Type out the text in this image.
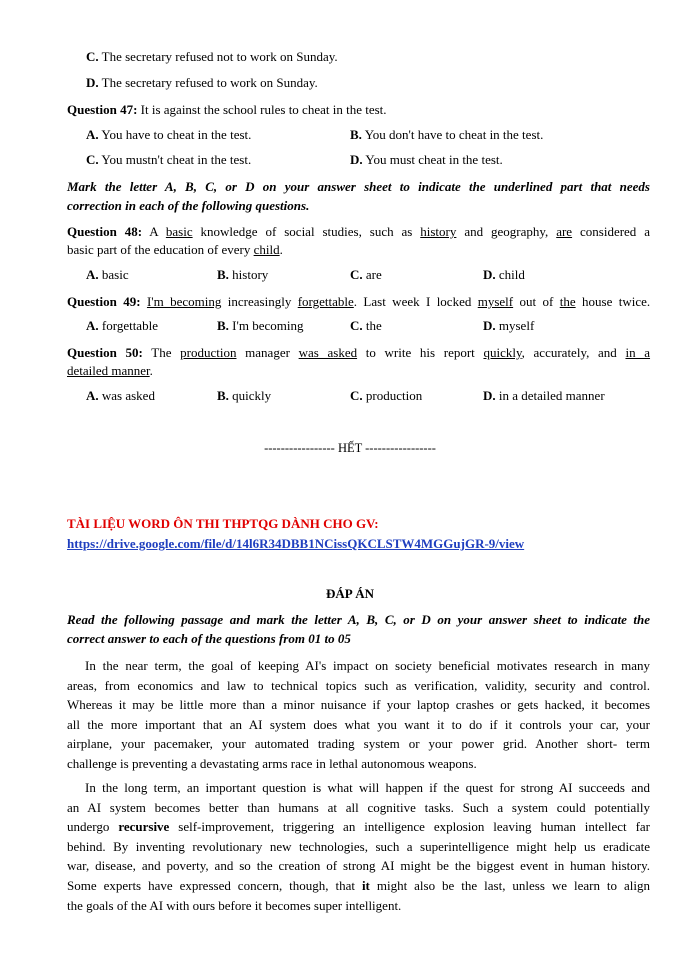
C. The secretary refused not to work on Sunday.
D. The secretary refused to work on Sunday.
Question 47: It is against the school rules to cheat in the test.
A. You have to cheat in the test.	B. You don't have to cheat in the test.
C. You mustn't cheat in the test.	D. You must cheat in the test.
Mark the letter A, B, C, or D on your answer sheet to indicate the underlined part that needs
correction in each of the following questions.
Question 48: A basic knowledge of social studies, such as history and geography, are considered a
basic part of the education of every child.
A. basic	B. history	C. are	D. child
Question 49: I'm becoming increasingly forgettable. Last week I locked myself out of the house twice.
A. forgettable	B. I'm becoming	C. the	D. myself
Question 50: The production manager was asked to write his report quickly, accurately, and in a
detailed manner.
A. was asked	B. quickly	C. production	D. in a detailed manner
----------------- HẾT -----------------
TÀI LIỆU WORD ÔN THI THPTQG DÀNH CHO GV:
https://drive.google.com/file/d/14l6R34DBB1NCissQKCLSTW4MGGujGR-9/view
ĐÁP ÁN
Read the following passage and mark the letter A, B, C, or D on your answer sheet to indicate the
correct answer to each of the questions from 01 to 05
In the near term, the goal of keeping AI's impact on society beneficial motivates research in many
areas, from economics and law to technical topics such as verification, validity, security and control.
Whereas it may be little more than a minor nuisance if your laptop crashes or gets hacked, it becomes
all the more important that an AI system does what you want it to do if it controls your car, your
airplane, your pacemaker, your automated trading system or your power grid. Another short- term
challenge is preventing a devastating arms race in lethal autonomous weapons.
In the long term, an important question is what will happen if the quest for strong AI succeeds and
an AI system becomes better than humans at all cognitive tasks. Such a system could potentially
undergo recursive self-improvement, triggering an intelligence explosion leaving human intellect far
behind. By inventing revolutionary new technologies, such a superintelligence might help us eradicate
war, disease, and poverty, and so the creation of strong AI might be the biggest event in human history.
Some experts have expressed concern, though, that it might also be the last, unless we learn to align
the goals of the AI with ours before it becomes super intelligent.
